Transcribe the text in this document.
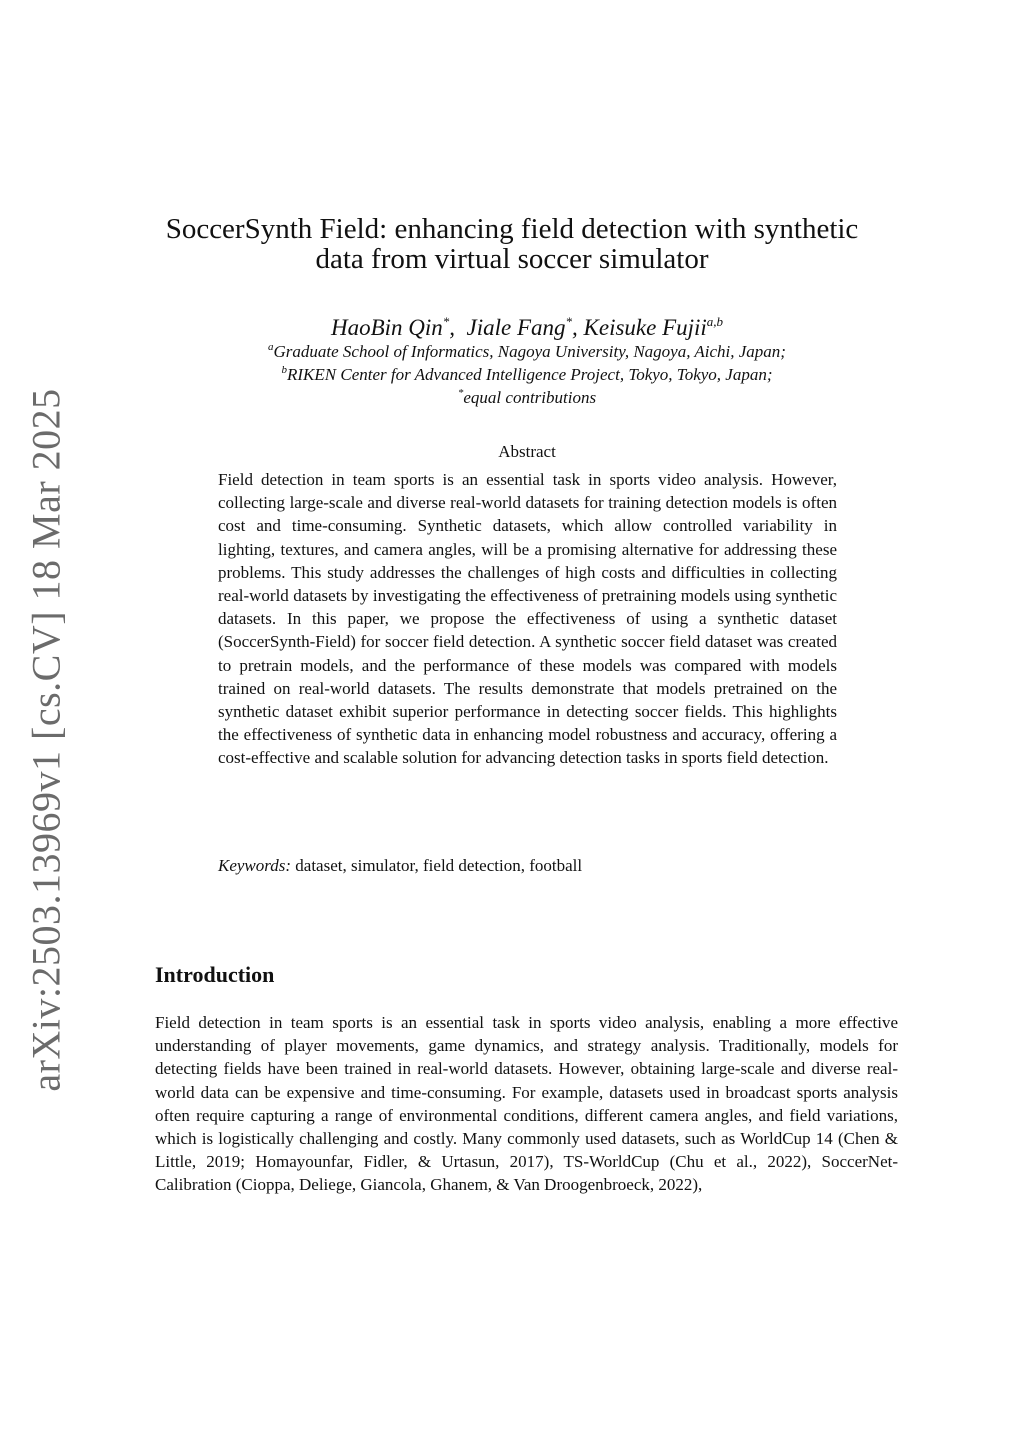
arXiv:2503.13969v1 [cs.CV] 18 Mar 2025
SoccerSynth Field: enhancing field detection with synthetic
data from virtual soccer simulator
HaoBin Qin*,  Jiale Fang*, Keisuke Fujii$^{a,b}$
$^a$Graduate School of Informatics, Nagoya University, Nagoya, Aichi, Japan;
$^b$RIKEN Center for Advanced Intelligence Project, Tokyo, Tokyo, Japan;
*equal contributions
Abstract
Field detection in team sports is an essential task in sports video analysis. However, collecting large-scale and diverse real-world datasets for training detection models is often cost and time-consuming. Synthetic datasets, which allow controlled variability in lighting, textures, and camera angles, will be a promising alternative for addressing these problems. This study addresses the challenges of high costs and difficulties in collecting real-world datasets by investigating the effectiveness of pretraining models using synthetic datasets. In this paper, we propose the effectiveness of using a synthetic dataset (SoccerSynth-Field) for soccer field detection. A synthetic soccer field dataset was created to pretrain models, and the performance of these models was compared with models trained on real-world datasets. The results demonstrate that models pretrained on the synthetic dataset exhibit superior performance in detecting soccer fields. This highlights the effectiveness of synthetic data in enhancing model robustness and accuracy, offering a cost-effective and scalable solution for advancing detection tasks in sports field detection.
Keywords: dataset, simulator, field detection, football
Introduction
Field detection in team sports is an essential task in sports video analysis, enabling a more effective understanding of player movements, game dynamics, and strategy analysis. Traditionally, models for detecting fields have been trained in real-world datasets. However, obtaining large-scale and diverse real-world data can be expensive and time-consuming. For example, datasets used in broadcast sports analysis often require capturing a range of environmental conditions, different camera angles, and field variations, which is logistically challenging and costly. Many commonly used datasets, such as WorldCup 14 (Chen & Little, 2019; Homayounfar, Fidler, & Urtasun, 2017), TS-WorldCup (Chu et al., 2022), SoccerNet-Calibration (Cioppa, Deliege, Giancola, Ghanem, & Van Droogenbroeck, 2022),
